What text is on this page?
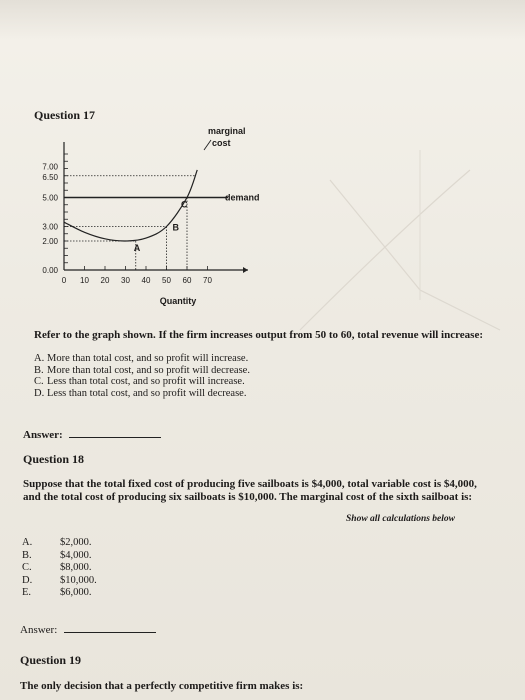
Question 17
0.00
2.00
3.00
5.00
6.50
7.00
0 10 20 30 40 50 60 70
A
B
C
marginal
cost
demand
Quantity
Refer to the graph shown. If the firm increases output from 50 to 60, total revenue will increase:
A. More than total cost, and so profit will increase.
B. More than total cost, and so profit will decrease.
C. Less than total cost, and so profit will increase.
D. Less than total cost, and so profit will decrease.
Answer:
Question 18
Suppose that the total fixed cost of producing five sailboats is $4,000, total variable cost is $4,000,
and the total cost of producing six sailboats is $10,000. The marginal cost of the sixth sailboat is:
Show all calculations below
A.	$2,000.
B.	$4,000.
C.	$8,000.
D.	$10,000.
E.	$6,000.
Answer:
Question 19
The only decision that a perfectly competitive firm makes is:
